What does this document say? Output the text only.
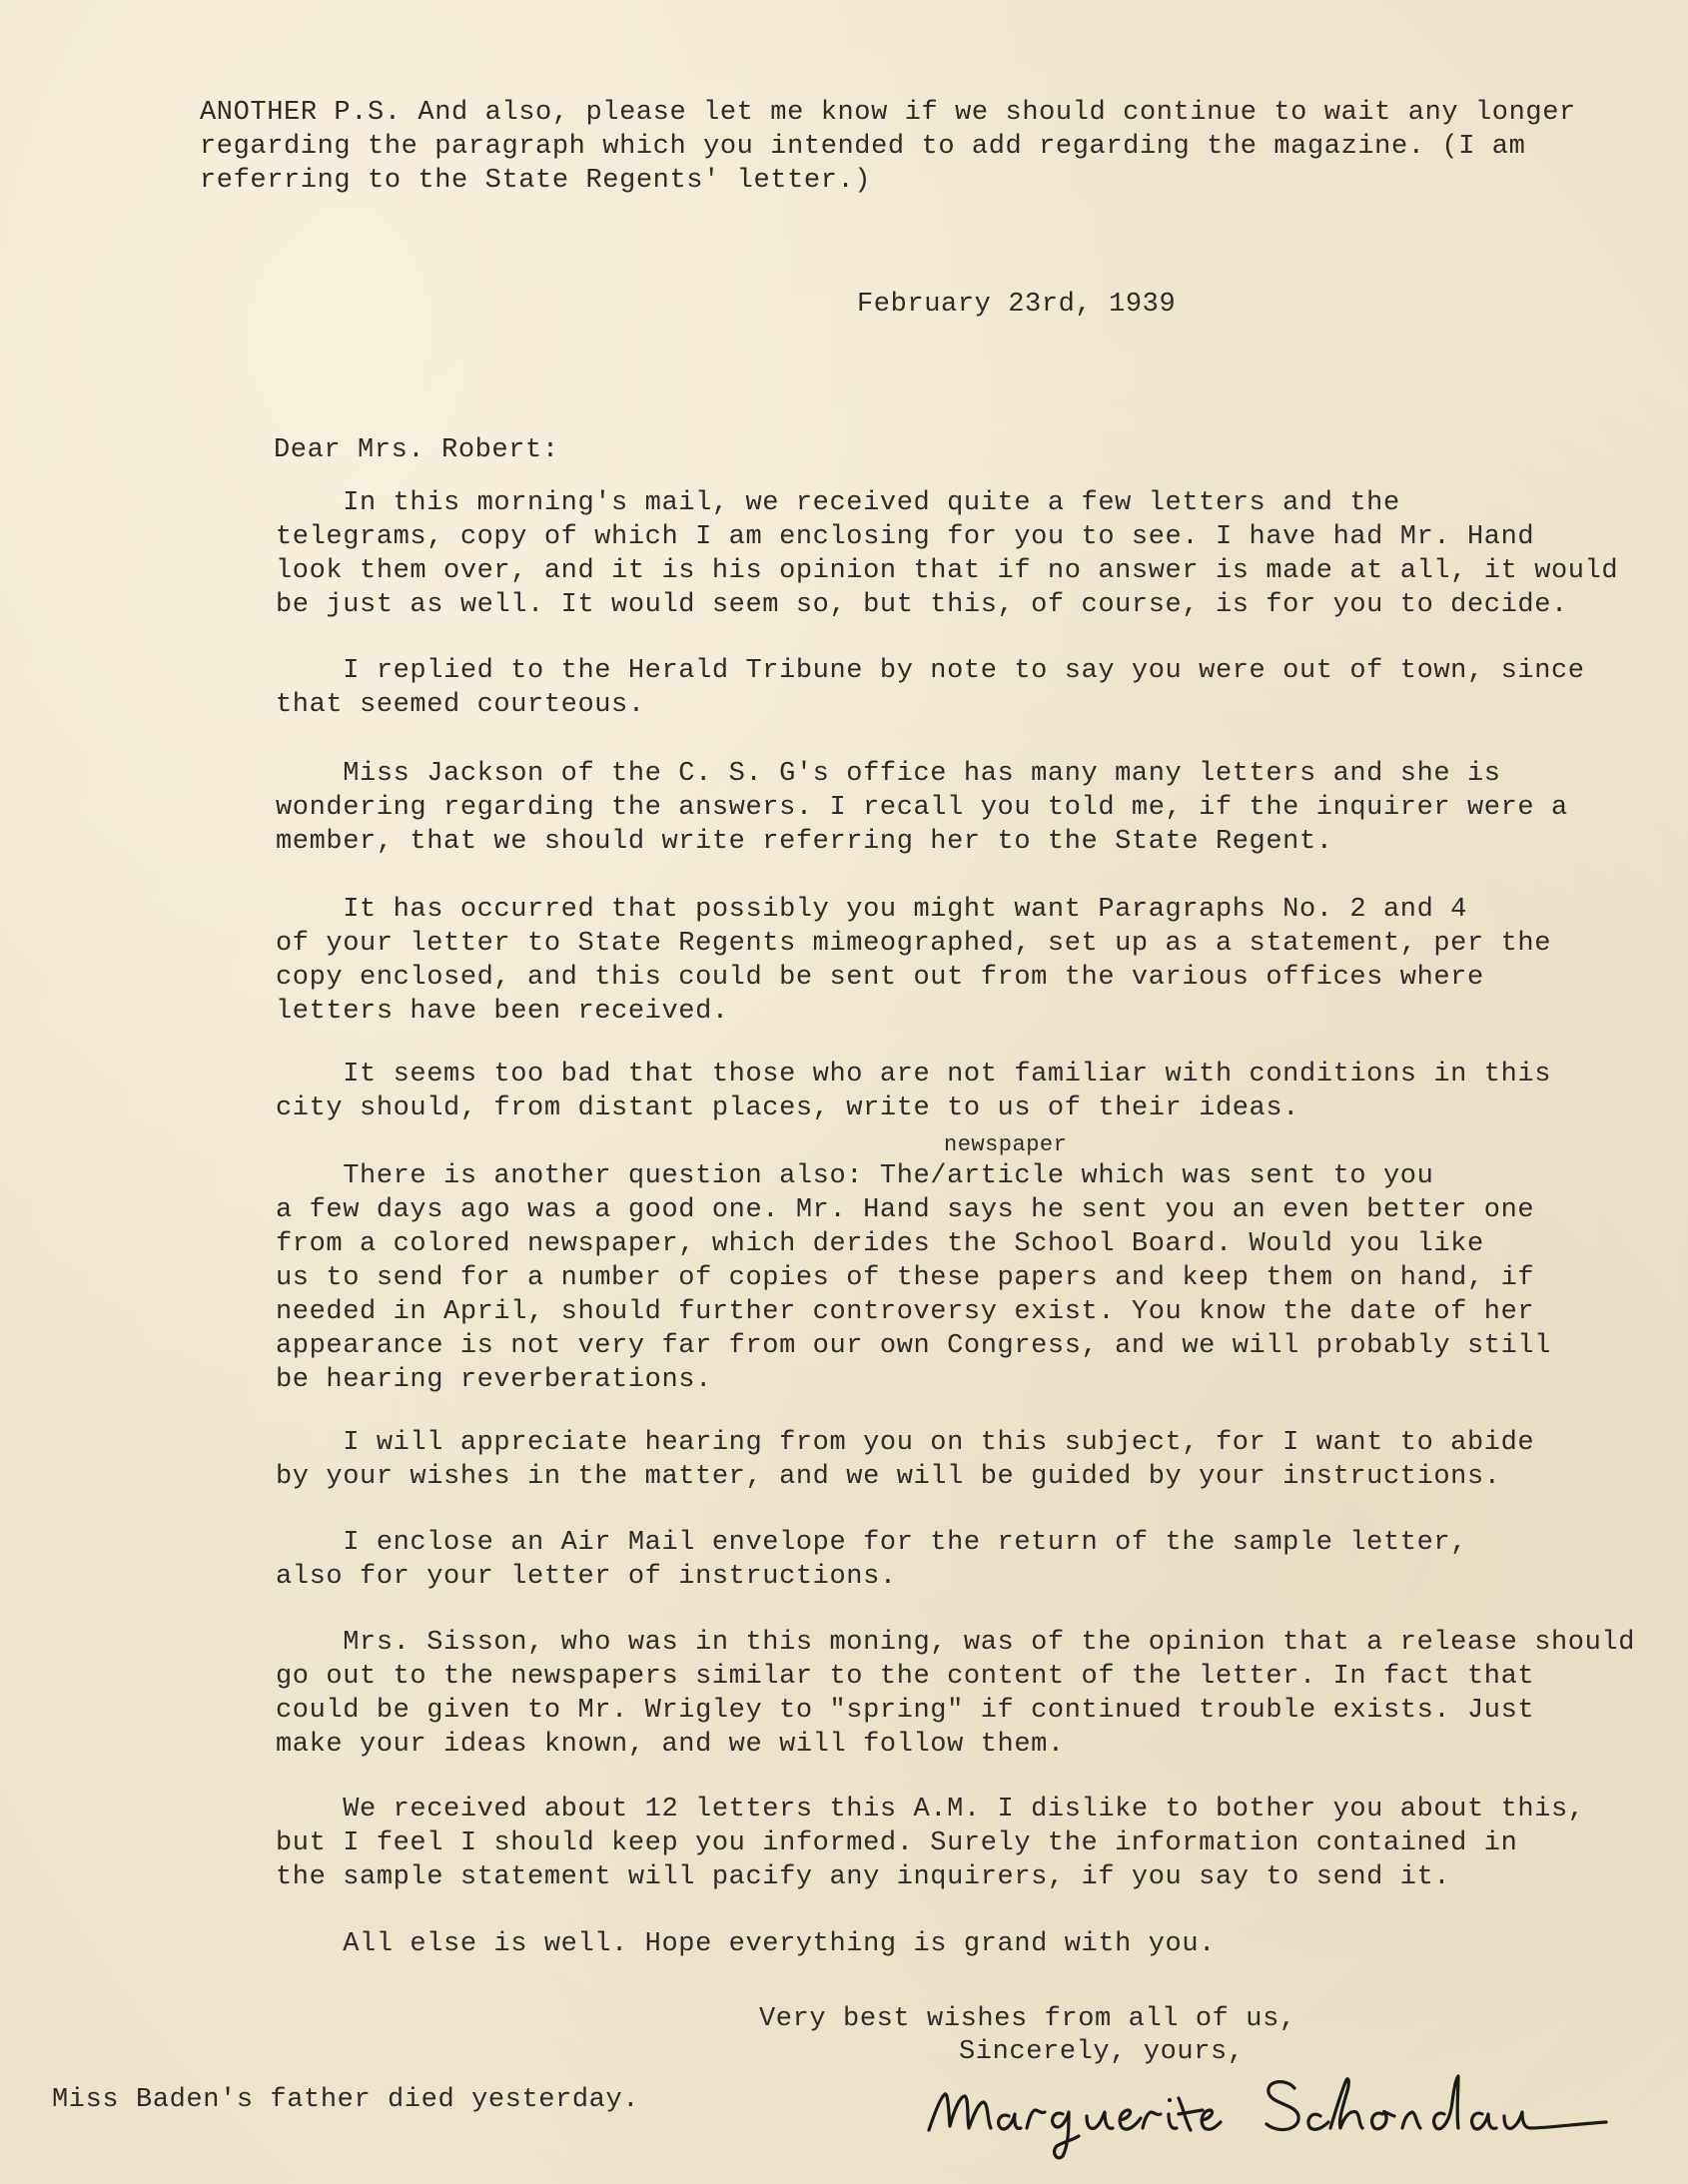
ANOTHER P.S. And also, please let me know if we should continue to wait any longer
regarding the paragraph which you intended to add regarding the magazine. (I am
referring to the State Regents' letter.)
February 23rd, 1939
Dear Mrs. Robert:
In this morning's mail, we received quite a few letters and the
telegrams, copy of which I am enclosing for you to see. I have had Mr. Hand
look them over, and it is his opinion that if no answer is made at all, it would
be just as well. It would seem so, but this, of course, is for you to decide.
I replied to the Herald Tribune by note to say you were out of town, since
that seemed courteous.
Miss Jackson of the C. S. G's office has many many letters and she is
wondering regarding the answers. I recall you told me, if the inquirer were a
member, that we should write referring her to the State Regent.
It has occurred that possibly you might want Paragraphs No. 2 and 4
of your letter to State Regents mimeographed, set up as a statement, per the
copy enclosed, and this could be sent out from the various offices where
letters have been received.
It seems too bad that those who are not familiar with conditions in this
city should, from distant places, write to us of their ideas.
newspaper
There is another question also: The/article which was sent to you
a few days ago was a good one. Mr. Hand says he sent you an even better one
from a colored newspaper, which derides the School Board. Would you like
us to send for a number of copies of these papers and keep them on hand, if
needed in April, should further controversy exist. You know the date of her
appearance is not very far from our own Congress, and we will probably still
be hearing reverberations.
I will appreciate hearing from you on this subject, for I want to abide
by your wishes in the matter, and we will be guided by your instructions.
I enclose an Air Mail envelope for the return of the sample letter,
also for your letter of instructions.
Mrs. Sisson, who was in this moning, was of the opinion that a release should
go out to the newspapers similar to the content of the letter. In fact that
could be given to Mr. Wrigley to "spring" if continued trouble exists. Just
make your ideas known, and we will follow them.
We received about 12 letters this A.M. I dislike to bother you about this,
but I feel I should keep you informed. Surely the information contained in
the sample statement will pacify any inquirers, if you say to send it.
All else is well. Hope everything is grand with you.
Very best wishes from all of us,
Sincerely, yours,
Miss Baden's father died yesterday.
